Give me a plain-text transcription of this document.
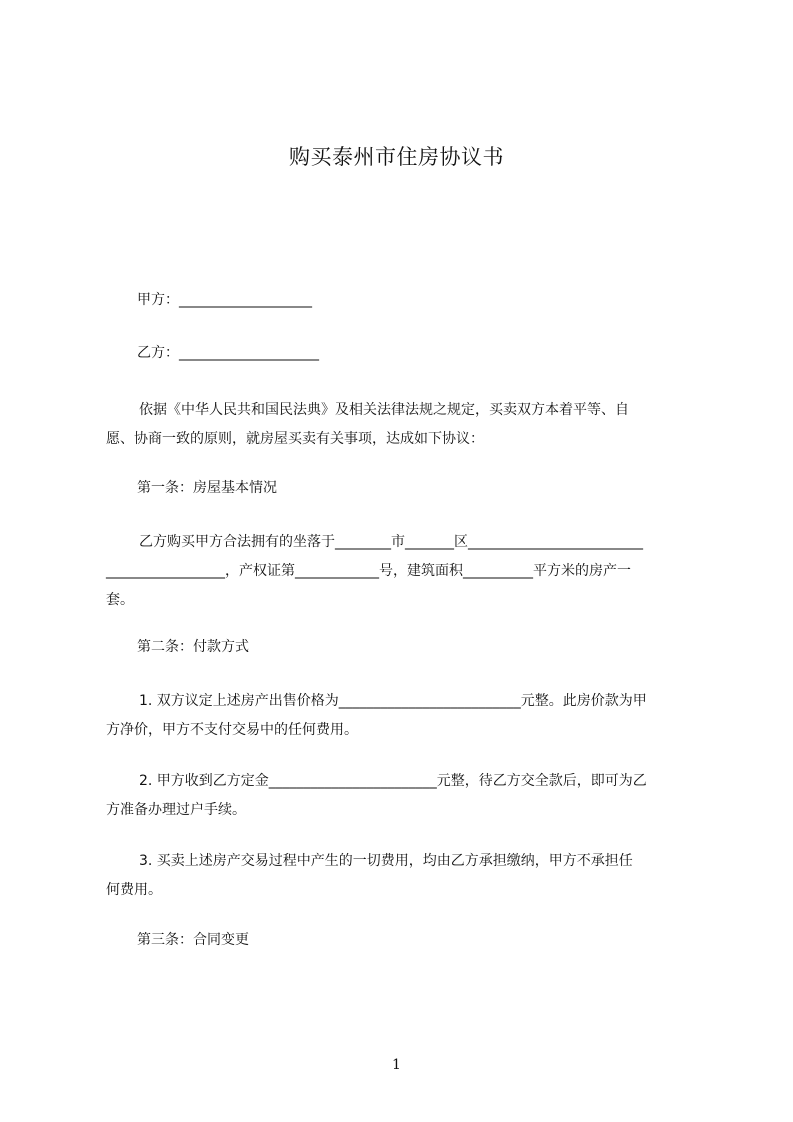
购买泰州市住房协议书
甲方：___________________
乙方：____________________
依据《中华人民共和国民法典》及相关法律法规之规定，买卖双方本着平等、自
愿、协商一致的原则，就房屋买卖有关事项，达成如下协议：
第一条：房屋基本情况
乙方购买甲方合法拥有的坐落于________市_______区_________________________
_________________，产权证第____________号，建筑面积__________平方米的房产一
套。
第二条：付款方式
1. 双方议定上述房产出售价格为__________________________元整。此房价款为甲
方净价，甲方不支付交易中的任何费用。
2. 甲方收到乙方定金________________________元整，待乙方交全款后，即可为乙
方准备办理过户手续。
3. 买卖上述房产交易过程中产生的一切费用，均由乙方承担缴纳，甲方不承担任
何费用。
第三条：合同变更
1
